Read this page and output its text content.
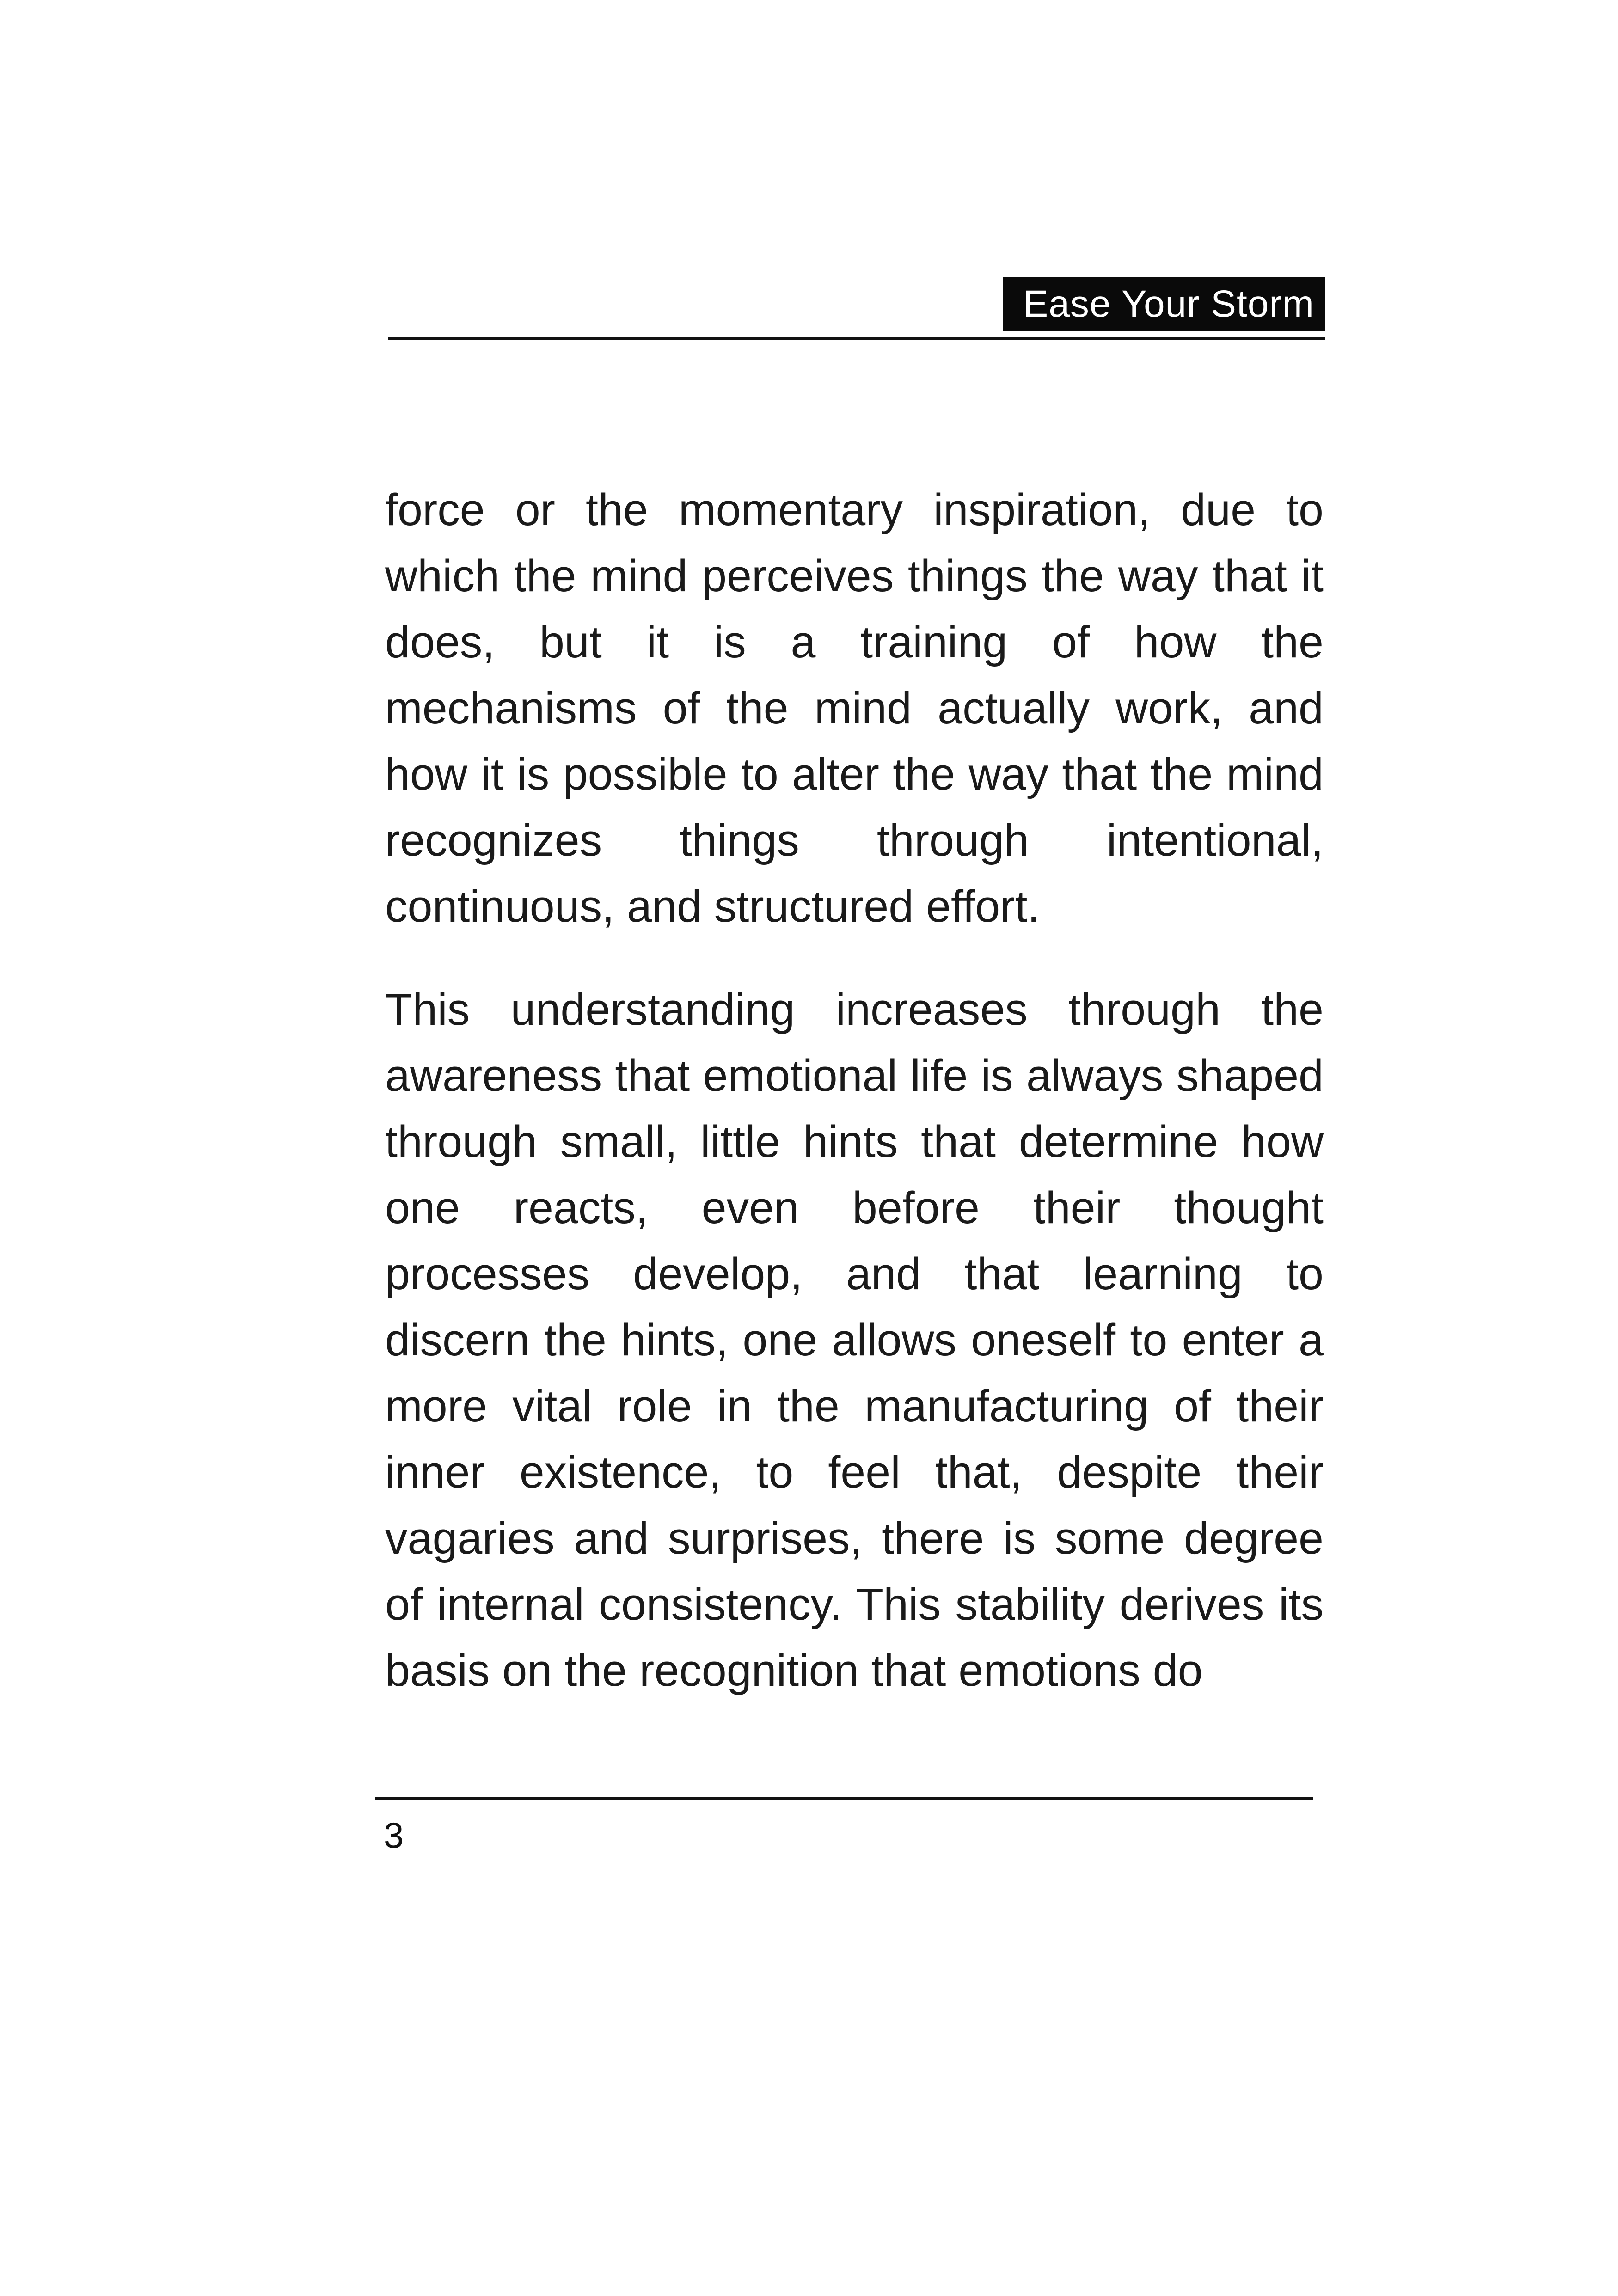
Ease Your Storm

force or the momentary inspiration, due to which the mind perceives things the way that it does, but it is a training of how the mechanisms of the mind actually work, and how it is possible to alter the way that the mind recognizes things through intentional, continuous, and structured effort.

This understanding increases through the awareness that emotional life is always shaped through small, little hints that determine how one reacts, even before their thought processes develop, and that learning to discern the hints, one allows oneself to enter a more vital role in the manufacturing of their inner existence, to feel that, despite their vagaries and surprises, there is some degree of internal consistency. This stability derives its basis on the recognition that emotions do

3
